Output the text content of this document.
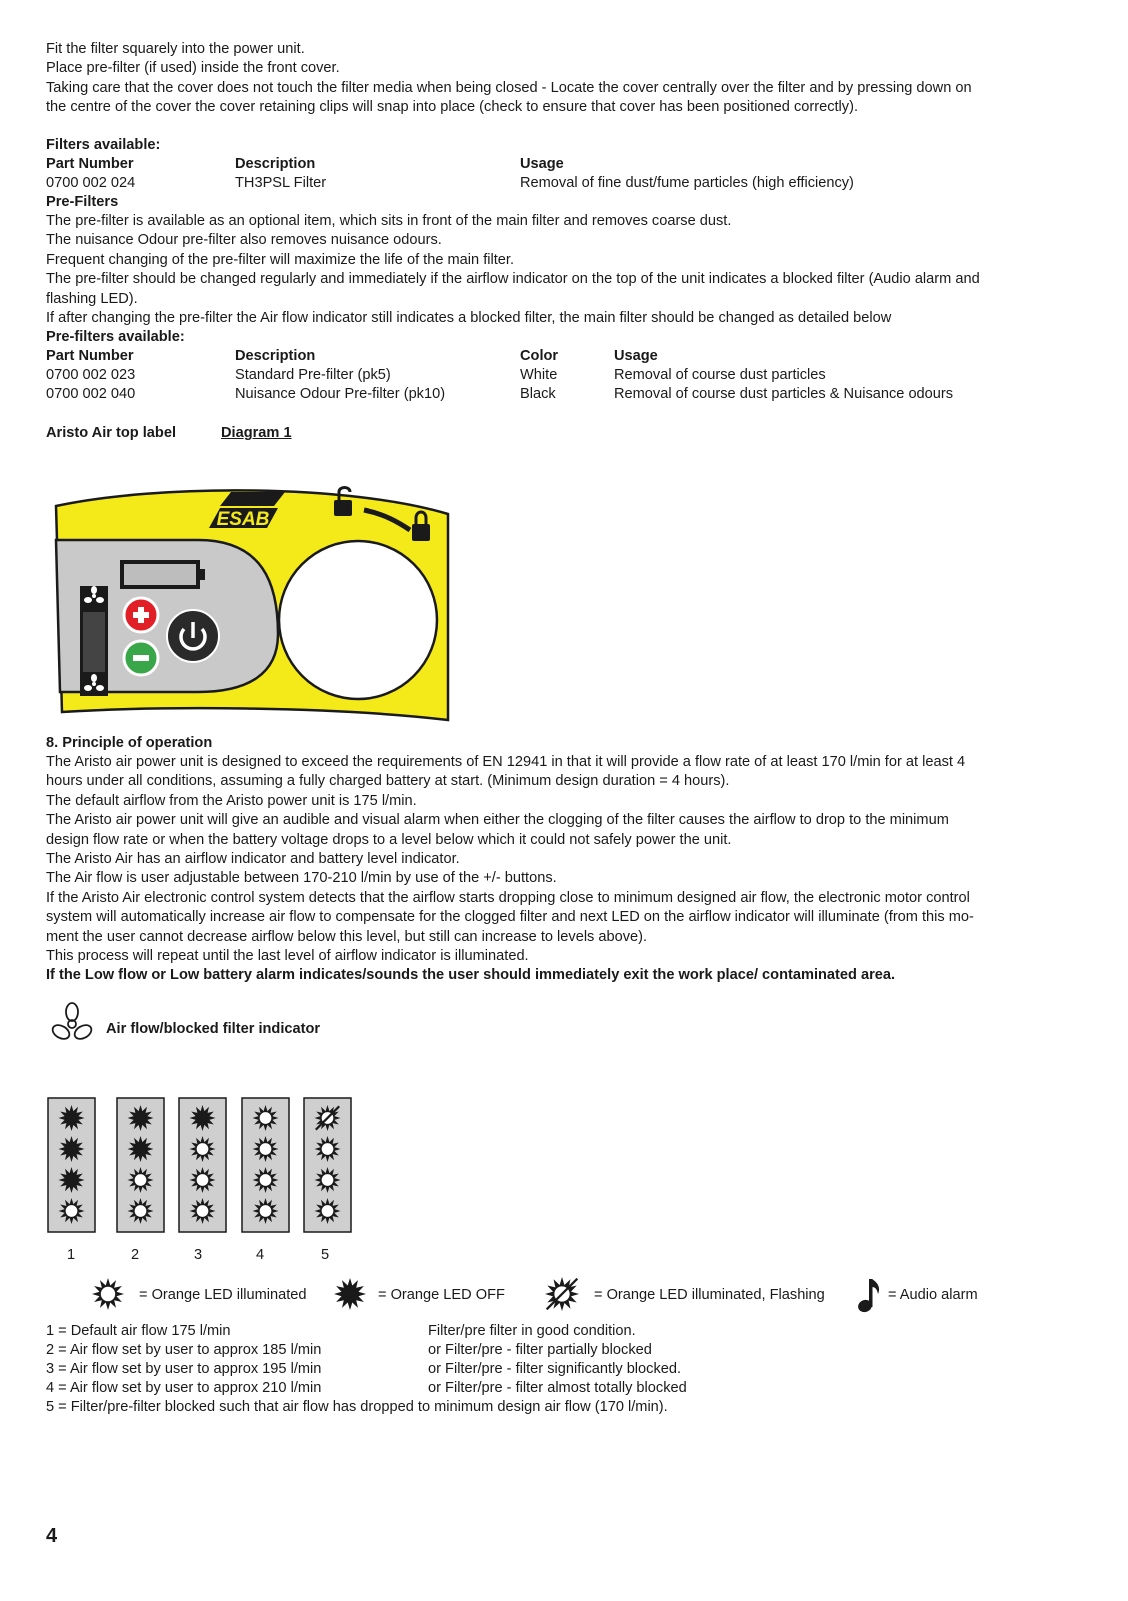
Fit the filter squarely into the power unit.
Place pre-filter (if used) inside the front cover.
Taking care that the cover does not touch the filter media when being closed - Locate the cover centrally over the filter and by pressing down on
the centre of the cover the cover retaining clips will snap into place (check to ensure that cover has been positioned correctly).
Filters available:
Part Number	Description	Usage
0700 002 024	TH3PSL Filter	Removal of fine dust/fume particles (high efficiency)
Pre-Filters
The pre-filter is available as an optional item, which sits in front of the main filter and removes coarse dust.
The nuisance Odour pre-filter also removes nuisance odours.
Frequent changing of the pre-filter will maximize the life of the main filter.
The pre-filter should be changed regularly and immediately if the airflow indicator on the top of the unit indicates a blocked filter (Audio alarm and
flashing LED).
If after changing the pre-filter the Air flow indicator still indicates a blocked filter, the main filter should be changed as detailed below
Pre-filters available:
Part Number	Description	Color	Usage
0700 002 023	Standard Pre-filter (pk5)	White	Removal of course dust particles
0700 002 040	Nuisance Odour Pre-filter (pk10)	Black	Removal of course dust particles & Nuisance odours
Aristo Air top label	Diagram 1
ESAB
8. Principle of operation
The Aristo air power unit is designed to exceed the requirements of EN 12941 in that it will provide a flow rate of at least 170 l/min for at least 4
hours under all conditions, assuming a fully charged battery at start. (Minimum design duration = 4 hours).
The default airflow from the Aristo power unit is 175 l/min.
The Aristo air power unit will give an audible and visual alarm when either the clogging of the filter causes the airflow to drop to the minimum
design flow rate or when the battery voltage drops to a level below which it could not safely power the unit.
The Aristo Air has an airflow indicator and battery level indicator.
The Air flow is user adjustable between 170-210 l/min by use of the +/- buttons.
If the Aristo Air electronic control system detects that the airflow starts dropping close to minimum designed air flow, the electronic motor control
system will automatically increase air flow to compensate for the clogged filter and next LED on the airflow indicator will illuminate (from this mo-
ment the user cannot decrease airflow below this level, but still can increase to levels above).
This process will repeat until the last level of airflow indicator is illuminated.
If the Low flow or Low battery alarm indicates/sounds the user should immediately exit the work place/ contaminated area.
Air flow/blocked filter indicator
1	2	3	4	5
= Orange LED illuminated	= Orange LED OFF	= Orange LED illuminated, Flashing	= Audio alarm
1 = Default air flow 175 l/min	Filter/pre filter in good condition.
2 = Air flow set by user to approx 185 l/min	or Filter/pre - filter partially blocked
3 = Air flow set by user to approx 195 l/min	or Filter/pre - filter significantly blocked.
4 = Air flow set by user to approx 210 l/min	or Filter/pre - filter almost totally blocked
5 = Filter/pre-filter blocked such that air flow has dropped to minimum design air flow (170 l/min).
4
